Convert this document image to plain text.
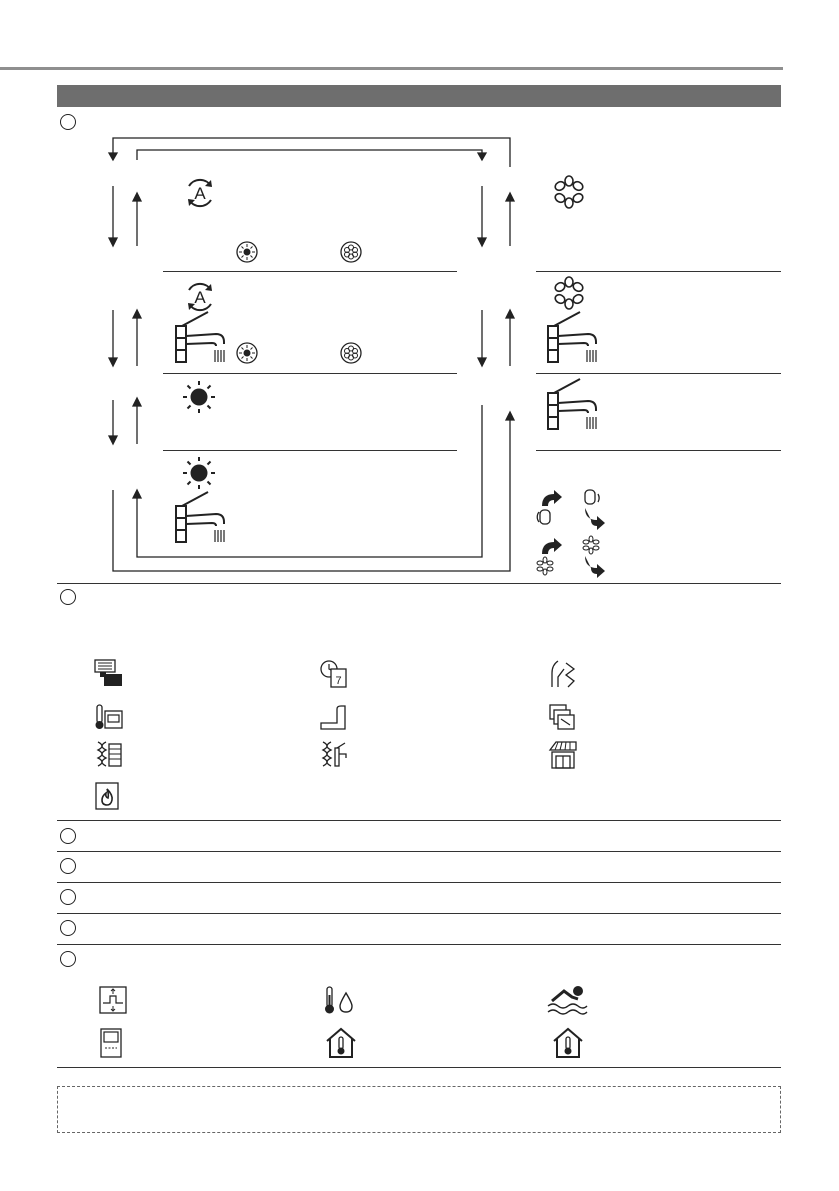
A
A
7
